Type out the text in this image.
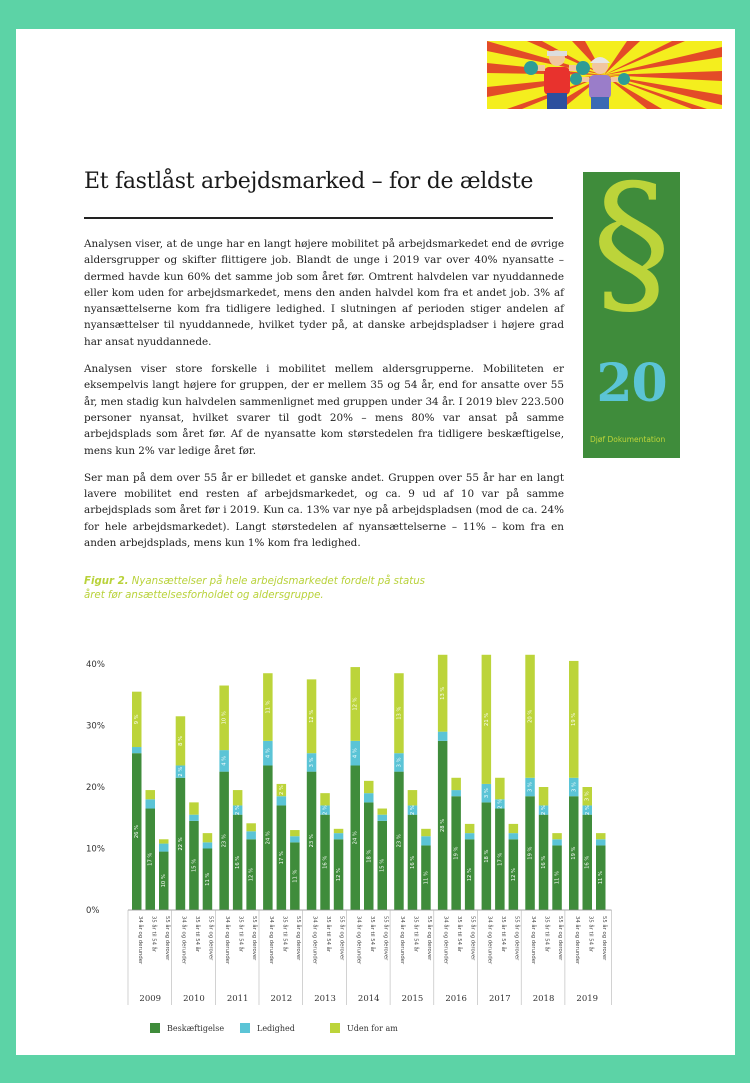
Et fastlåst arbejdsmarked – for de ældste §
20
Djøf Dokumentation

Analysen viser, at de unge har en langt højere mobilitet på arbejdsmarkedet end de øvrige aldersgrupper og skifter flittigere job. Blandt de unge i 2019 var over 40% nyansatte – dermed havde kun 60% det samme job som året før. Omtrent halvdelen var nyuddannede eller kom uden for arbejdsmarkedet, mens den anden halvdel kom fra et andet job. 3% af nyansættelserne kom fra tidligere ledighed. I slutningen af perioden stiger andelen af nyansættelser til nyuddannede, hvilket tyder på, at danske arbejdspladser i højere grad har ansat nyuddannede.

Analysen viser store forskelle i mobilitet mellem aldersgrupperne. Mobiliteten er eksempelvis langt højere for gruppen, der er mellem 35 og 54 år, end for ansatte over 55 år, men stadig kun halvdelen sammenlignet med gruppen under 34 år. I 2019 blev 223.500 personer nyansat, hvilket svarer til godt 20% – mens 80% var ansat på samme arbejdsplads som året før. Af de nyansatte kom størstedelen fra tidligere beskæftigelse, mens kun 2% var ledige året før.

Ser man på dem over 55 år er billedet et ganske andet. Gruppen over 55 år har en langt lavere mobilitet end resten af arbejdsmarkedet, og ca. 9 ud af 10 var på samme arbejdsplads som året før i 2019. Kun ca. 13% var nye på arbejdspladsen (mod de ca. 24% for hele arbejdsmarkedet). Langt størstedelen af nyansættelserne – 11% – kom fra en anden arbejdsplads, mens kun 1% kom fra ledighed.

Figur 2. Nyansættelser på hele arbejdsmarkedet fordelt på status
året før ansættelsesforholdet og aldersgruppe.

0%
10%
20%
30%
40%
26 %
9 %
34 år og derunder
17 %
35 år til 54 år
10 %
55 år og derover
22 %
2 %
8 %
34 år og derunder
15 %
35 år til 54 år
11 %
55 år og derover
23 %
4 %
10 %
34 år og derunder
16 %
2 %
35 år til 54 år
12 %
55 år og derover
24 %
4 %
11 %
34 år og derunder
17 %
2 %
35 år til 54 år
11 %
55 år og derover
23 %
3 %
12 %
34 år og derunder
16 %
2 %
35 år til 54 år
12 %
55 år og derover
24 %
4 %
12 %
34 år og derunder
18 %
35 år til 54 år
15 %
55 år og derover
23 %
3 %
13 %
34 år og derunder
16 %
2 %
35 år til 54 år
11 %
55 år og derover
28 %
13 %
34 år og derunder
19 %
35 år til 54 år
12 %
55 år og derover
18 %
3 %
21 %
34 år og derunder
17 %
2 %
35 år til 54 år
12 %
55 år og derover
19 %
3 %
20 %
34 år og derunder
16 %
2 %
35 år til 54 år
11 %
55 år og derover
19 %
3 %
19 %
34 år og derunder
16 %
2 %
3 %
35 år til 54 år
11 %
55 år og derover
2009	2010	2011	2012	2013	2014	2015	2016	2017	2018	2019
Beskæftigelse	Ledighed	Uden for am
